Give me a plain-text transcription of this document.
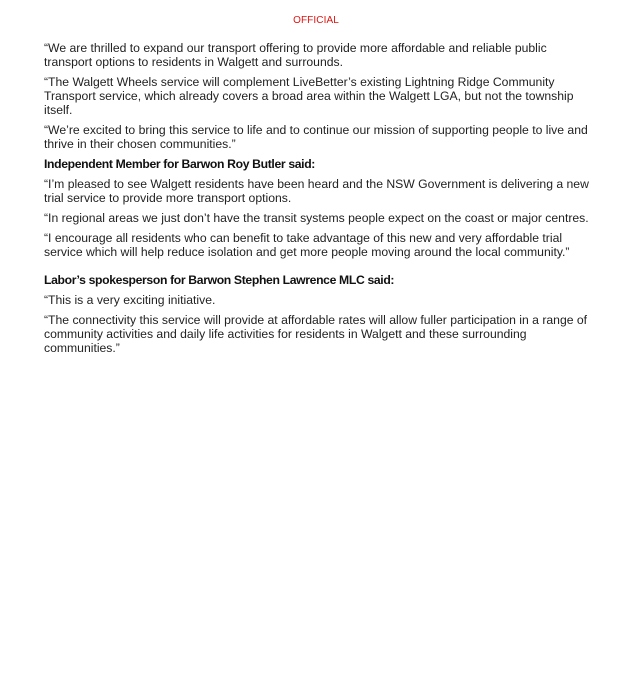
OFFICIAL

“We are thrilled to expand our transport offering to provide more affordable and reliable public transport options to residents in Walgett and surrounds.

“The Walgett Wheels service will complement LiveBetter’s existing Lightning Ridge Community Transport service, which already covers a broad area within the Walgett LGA, but not the township itself.

“We’re excited to bring this service to life and to continue our mission of supporting people to live and thrive in their chosen communities.”

Independent Member for Barwon Roy Butler said:

“I’m pleased to see Walgett residents have been heard and the NSW Government is delivering a new trial service to provide more transport options.

“In regional areas we just don’t have the transit systems people expect on the coast or major centres.

“I encourage all residents who can benefit to take advantage of this new and very affordable trial service which will help reduce isolation and get more people moving around the local community.”

Labor’s spokesperson for Barwon Stephen Lawrence MLC said:

“This is a very exciting initiative.

“The connectivity this service will provide at affordable rates will allow fuller participation in a range of community activities and daily life activities for residents in Walgett and these surrounding communities.”
